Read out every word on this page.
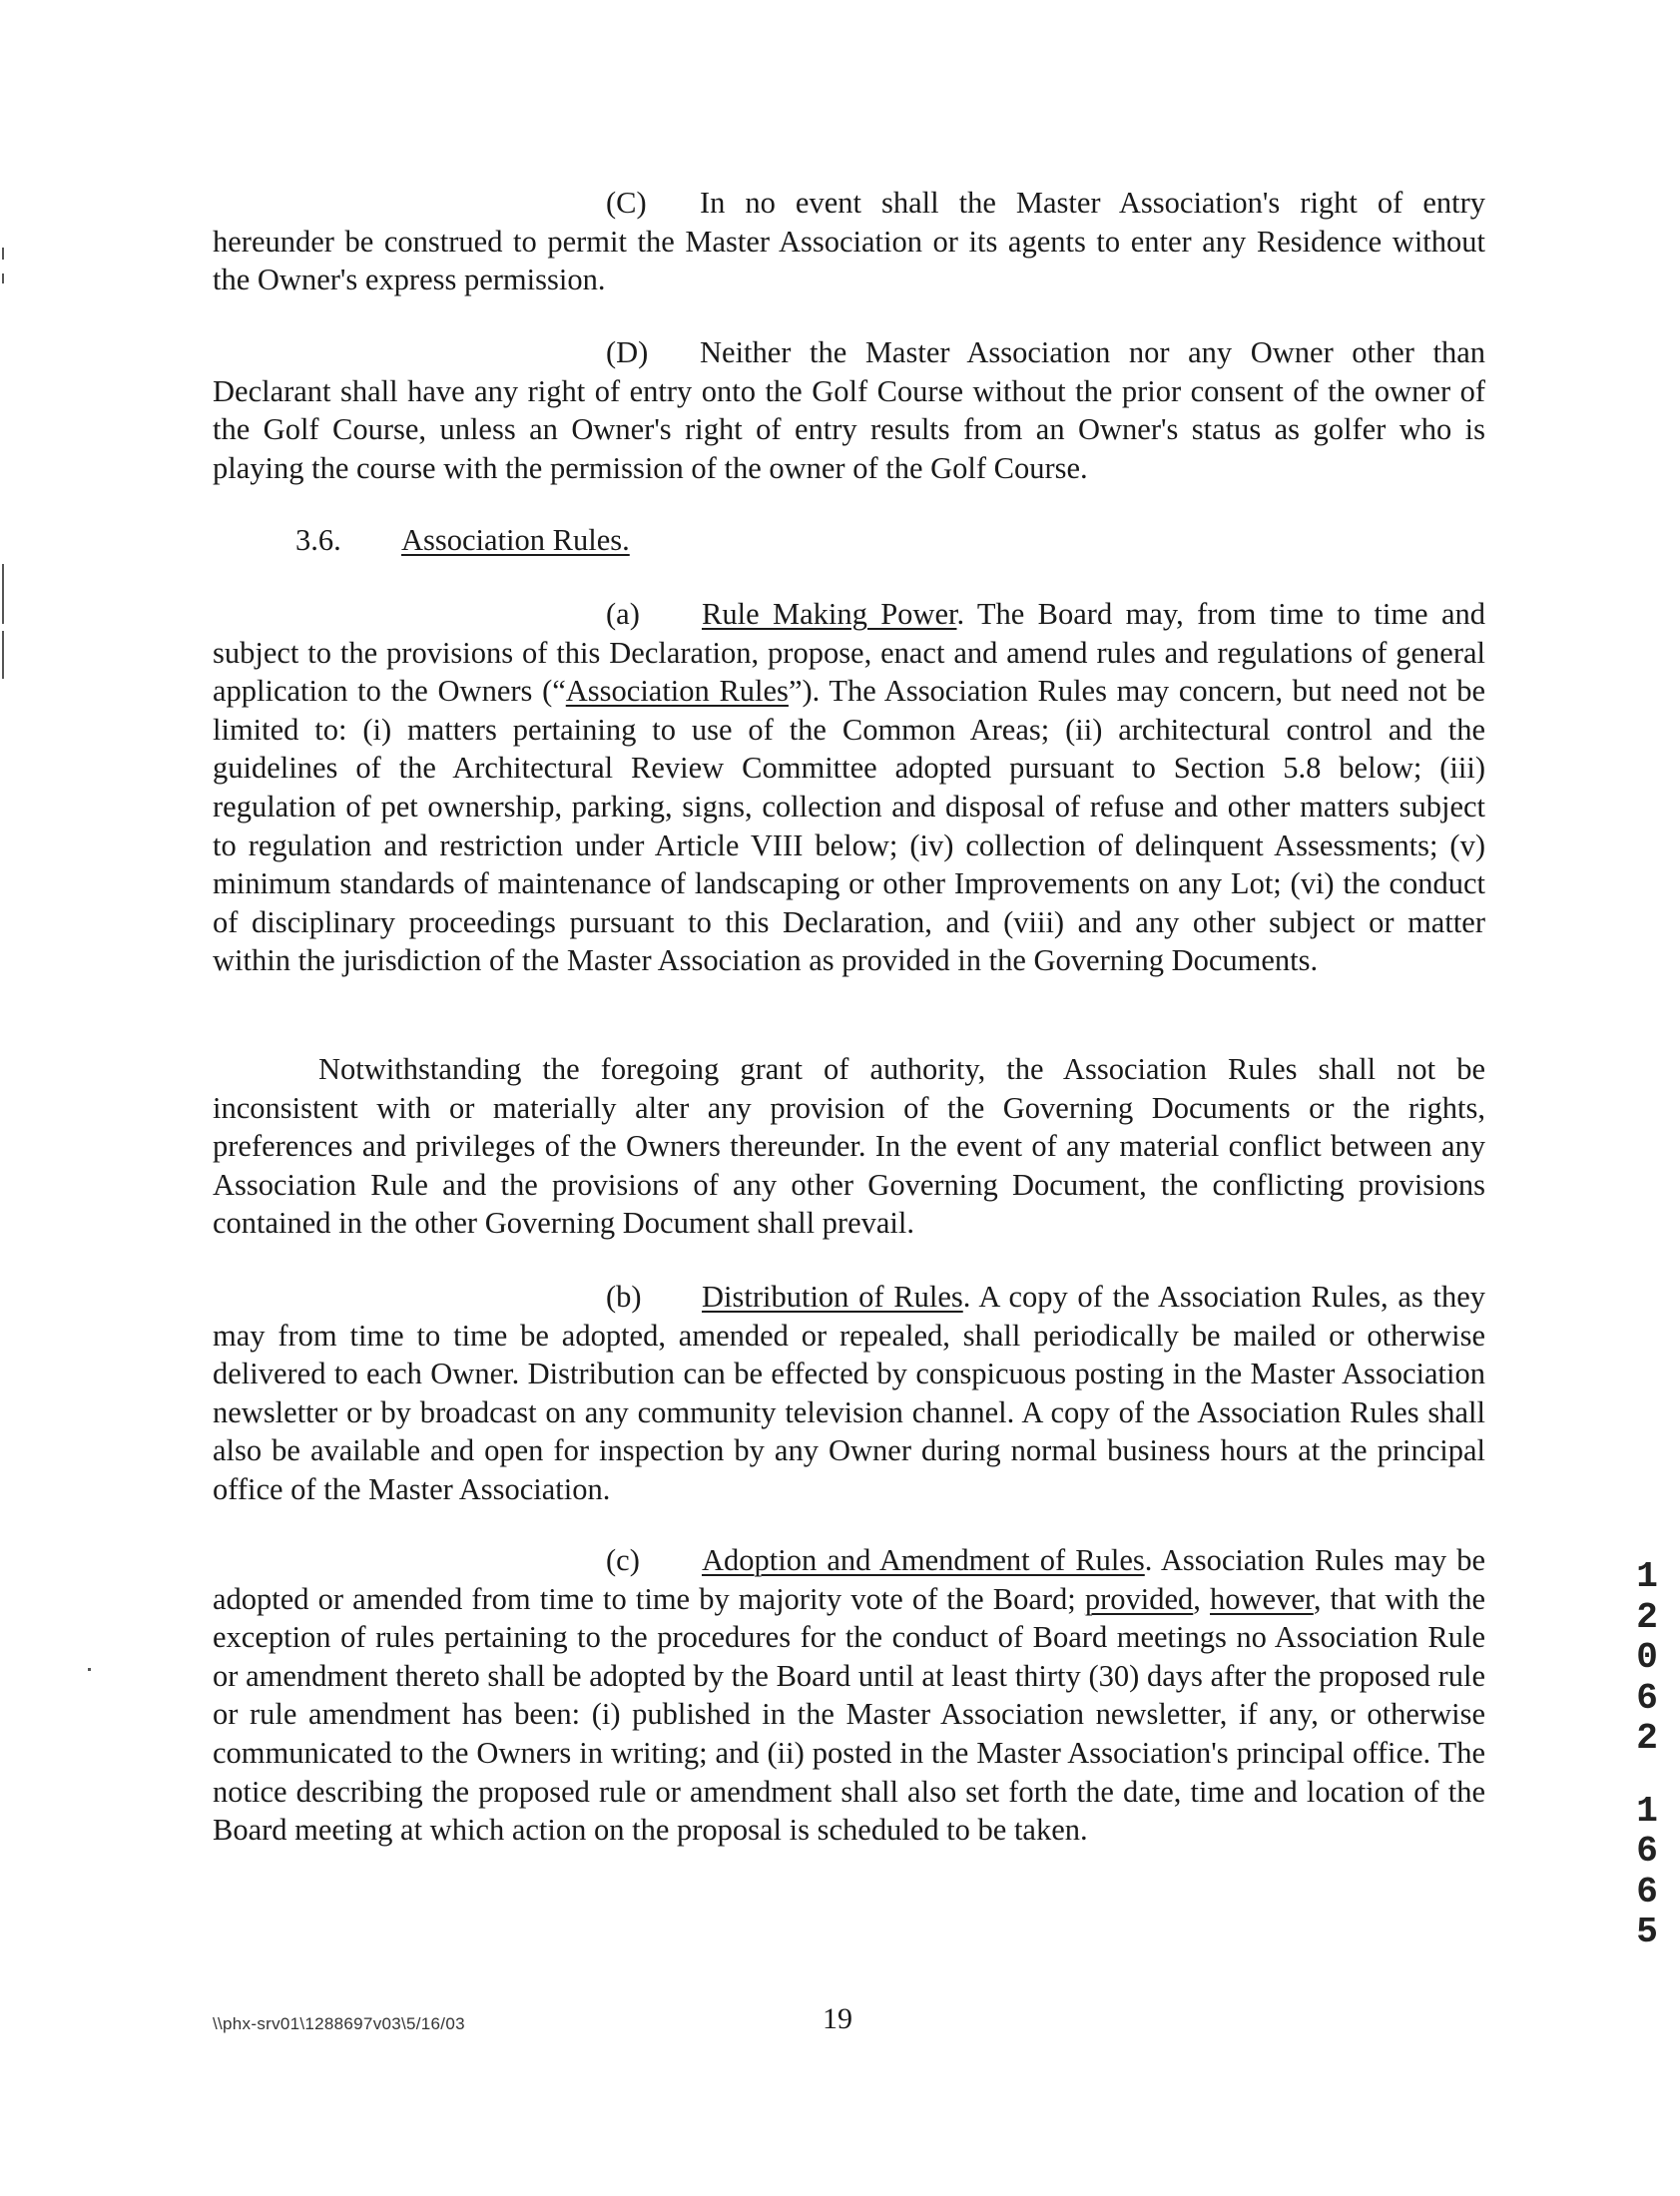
(C) In no event shall the Master Association's right of entry hereunder be construed to permit the Master Association or its agents to enter any Residence without the Owner's express permission.
(D) Neither the Master Association nor any Owner other than Declarant shall have any right of entry onto the Golf Course without the prior consent of the owner of the Golf Course, unless an Owner's right of entry results from an Owner's status as golfer who is playing the course with the permission of the owner of the Golf Course.
3.6. Association Rules.
(a) Rule Making Power. The Board may, from time to time and subject to the provisions of this Declaration, propose, enact and amend rules and regulations of general application to the Owners (“Association Rules”). The Association Rules may concern, but need not be limited to: (i) matters pertaining to use of the Common Areas; (ii) architectural control and the guidelines of the Architectural Review Committee adopted pursuant to Section 5.8 below; (iii) regulation of pet ownership, parking, signs, collection and disposal of refuse and other matters subject to regulation and restriction under Article VIII below; (iv) collection of delinquent Assessments; (v) minimum standards of maintenance of landscaping or other Improvements on any Lot; (vi) the conduct of disciplinary proceedings pursuant to this Declaration, and (viii) and any other subject or matter within the jurisdiction of the Master Association as provided in the Governing Documents.
Notwithstanding the foregoing grant of authority, the Association Rules shall not be inconsistent with or materially alter any provision of the Governing Documents or the rights, preferences and privileges of the Owners thereunder. In the event of any material conflict between any Association Rule and the provisions of any other Governing Document, the conflicting provisions contained in the other Governing Document shall prevail.
(b) Distribution of Rules. A copy of the Association Rules, as they may from time to time be adopted, amended or repealed, shall periodically be mailed or otherwise delivered to each Owner. Distribution can be effected by conspicuous posting in the Master Association newsletter or by broadcast on any community television channel. A copy of the Association Rules shall also be available and open for inspection by any Owner during normal business hours at the principal office of the Master Association.
(c) Adoption and Amendment of Rules. Association Rules may be adopted or amended from time to time by majority vote of the Board; provided, however, that with the exception of rules pertaining to the procedures for the conduct of Board meetings no Association Rule or amendment thereto shall be adopted by the Board until at least thirty (30) days after the proposed rule or rule amendment has been: (i) published in the Master Association newsletter, if any, or otherwise communicated to the Owners in writing; and (ii) posted in the Master Association's principal office. The notice describing the proposed rule or amendment shall also set forth the date, time and location of the Board meeting at which action on the proposal is scheduled to be taken.
1
2
0
6
2
1
6
6
5
\\phx-srv01\1288697v03\5/16/03	19
